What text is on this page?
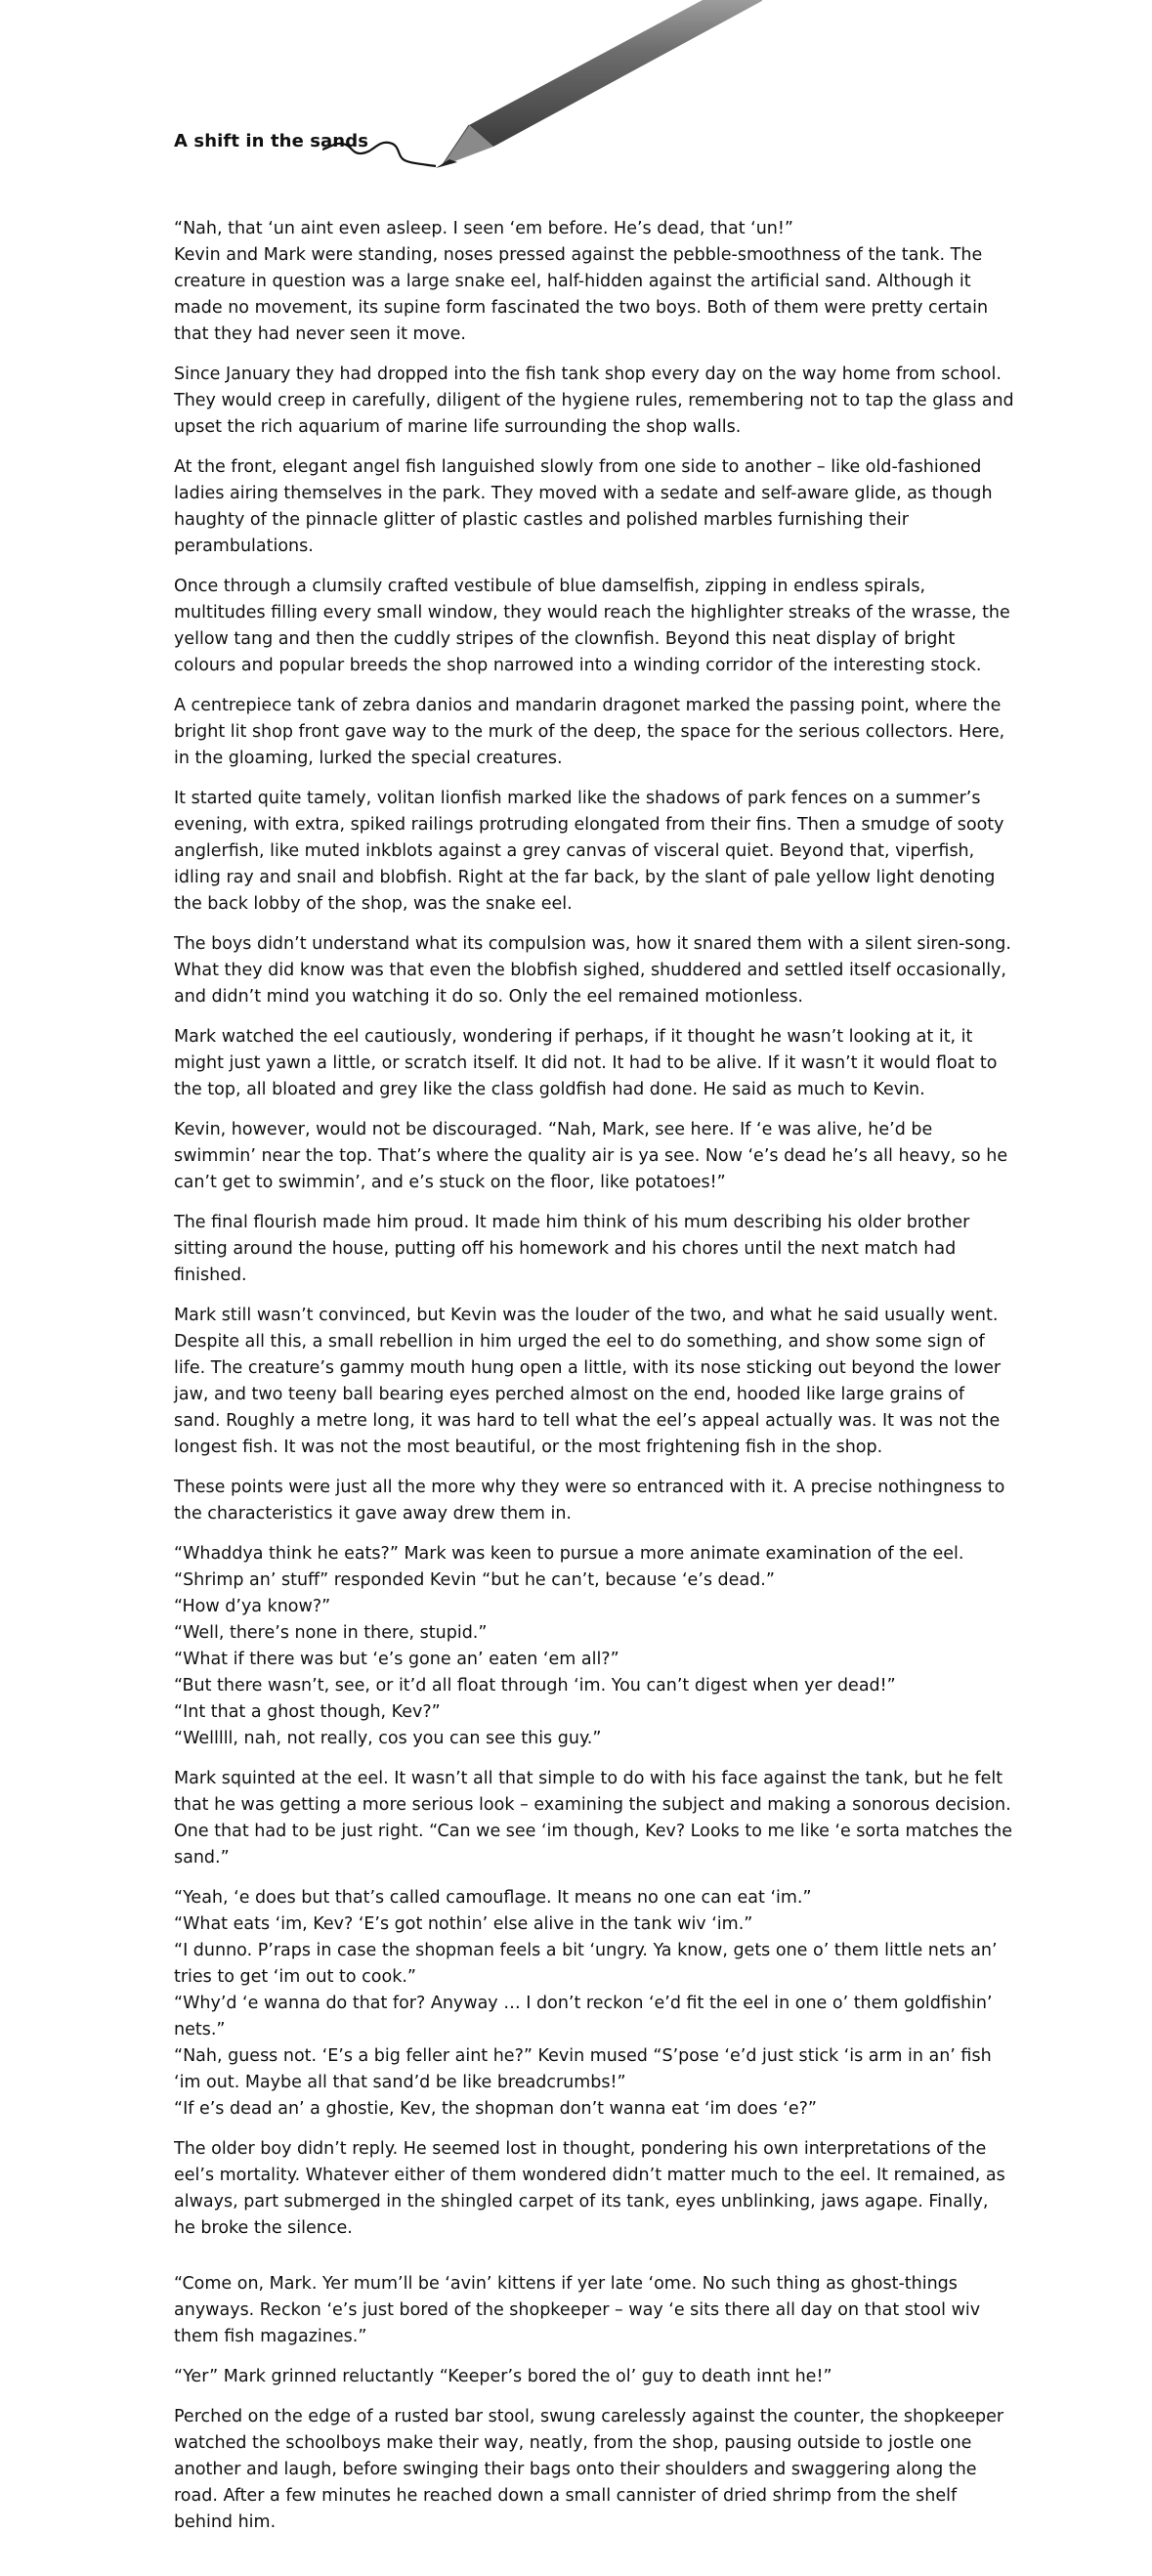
A shift in the sands

“Nah, that ‘un aint even asleep. I seen ‘em before. He’s dead, that ‘un!”
Kevin and Mark were standing, noses pressed against the pebble-smoothness of the tank. The creature in question was a large snake eel, half-hidden against the artificial sand. Although it made no movement, its supine form fascinated the two boys. Both of them were pretty certain that they had never seen it move.

Since January they had dropped into the fish tank shop every day on the way home from school. They would creep in carefully, diligent of the hygiene rules, remembering not to tap the glass and upset the rich aquarium of marine life surrounding the shop walls.

At the front, elegant angel fish languished slowly from one side to another – like old-fashioned ladies airing themselves in the park. They moved with a sedate and self-aware glide, as though haughty of the pinnacle glitter of plastic castles and polished marbles furnishing their perambulations.

Once through a clumsily crafted vestibule of blue damselfish, zipping in endless spirals, multitudes filling every small window, they would reach the highlighter streaks of the wrasse, the yellow tang and then the cuddly stripes of the clownfish. Beyond this neat display of bright colours and popular breeds the shop narrowed into a winding corridor of the interesting stock.

A centrepiece tank of zebra danios and mandarin dragonet marked the passing point, where the bright lit shop front gave way to the murk of the deep, the space for the serious collectors. Here, in the gloaming, lurked the special creatures.

It started quite tamely, volitan lionfish marked like the shadows of park fences on a summer’s evening, with extra, spiked railings protruding elongated from their fins. Then a smudge of sooty anglerfish, like muted inkblots against a grey canvas of visceral quiet. Beyond that, viperfish, idling ray and snail and blobfish. Right at the far back, by the slant of pale yellow light denoting the back lobby of the shop, was the snake eel.

The boys didn’t understand what its compulsion was, how it snared them with a silent siren-song. What they did know was that even the blobfish sighed, shuddered and settled itself occasionally, and didn’t mind you watching it do so. Only the eel remained motionless.

Mark watched the eel cautiously, wondering if perhaps, if it thought he wasn’t looking at it, it might just yawn a little, or scratch itself. It did not. It had to be alive. If it wasn’t it would float to the top, all bloated and grey like the class goldfish had done. He said as much to Kevin.

Kevin, however, would not be discouraged. “Nah, Mark, see here. If ‘e was alive, he’d be swimmin’ near the top. That’s where the quality air is ya see. Now ‘e’s dead he’s all heavy, so he can’t get to swimmin’, and e’s stuck on the floor, like potatoes!”

The final flourish made him proud. It made him think of his mum describing his older brother sitting around the house, putting off his homework and his chores until the next match had finished.

Mark still wasn’t convinced, but Kevin was the louder of the two, and what he said usually went. Despite all this, a small rebellion in him urged the eel to do something, and show some sign of life. The creature’s gammy mouth hung open a little, with its nose sticking out beyond the lower jaw, and two teeny ball bearing eyes perched almost on the end, hooded like large grains of sand. Roughly a metre long, it was hard to tell what the eel’s appeal actually was. It was not the longest fish. It was not the most beautiful, or the most frightening fish in the shop.

These points were just all the more why they were so entranced with it. A precise nothingness to the characteristics it gave away drew them in.

“Whaddya think he eats?” Mark was keen to pursue a more animate examination of the eel.
“Shrimp an’ stuff” responded Kevin “but he can’t, because ‘e’s dead.”
“How d’ya know?”
“Well, there’s none in there, stupid.”
“What if there was but ‘e’s gone an’ eaten ‘em all?”
“But there wasn’t, see, or it’d all float through ‘im. You can’t digest when yer dead!”
“Int that a ghost though, Kev?”
“Welllll, nah, not really, cos you can see this guy.”

Mark squinted at the eel. It wasn’t all that simple to do with his face against the tank, but he felt that he was getting a more serious look – examining the subject and making a sonorous decision. One that had to be just right. “Can we see ‘im though, Kev? Looks to me like ‘e sorta matches the sand.”

“Yeah, ‘e does but that’s called camouflage. It means no one can eat ‘im.”
“What eats ‘im, Kev? ‘E’s got nothin’ else alive in the tank wiv ‘im.”
“I dunno. P’raps in case the shopman feels a bit ‘ungry. Ya know, gets one o’ them little nets an’ tries to get ‘im out to cook.”
“Why’d ‘e wanna do that for? Anyway … I don’t reckon ‘e’d fit the eel in one o’ them goldfishin’ nets.”
“Nah, guess not. ‘E’s a big feller aint he?” Kevin mused “S’pose ‘e’d just stick ‘is arm in an’ fish ‘im out. Maybe all that sand’d be like breadcrumbs!”
“If e’s dead an’ a ghostie, Kev, the shopman don’t wanna eat ‘im does ‘e?”

The older boy didn’t reply. He seemed lost in thought, pondering his own interpretations of the eel’s mortality. Whatever either of them wondered didn’t matter much to the eel. It remained, as always, part submerged in the shingled carpet of its tank, eyes unblinking, jaws agape. Finally, he broke the silence.

“Come on, Mark. Yer mum’ll be ‘avin’ kittens if yer late ‘ome. No such thing as ghost-things anyways. Reckon ‘e’s just bored of the shopkeeper – way ‘e sits there all day on that stool wiv them fish magazines.”

“Yer” Mark grinned reluctantly “Keeper’s bored the ol’ guy to death innt he!”

Perched on the edge of a rusted bar stool, swung carelessly against the counter, the shopkeeper watched the schoolboys make their way, neatly, from the shop, pausing outside to jostle one another and laugh, before swinging their bags onto their shoulders and swaggering along the road. After a few minutes he reached down a small cannister of dried shrimp from the shelf behind him.
